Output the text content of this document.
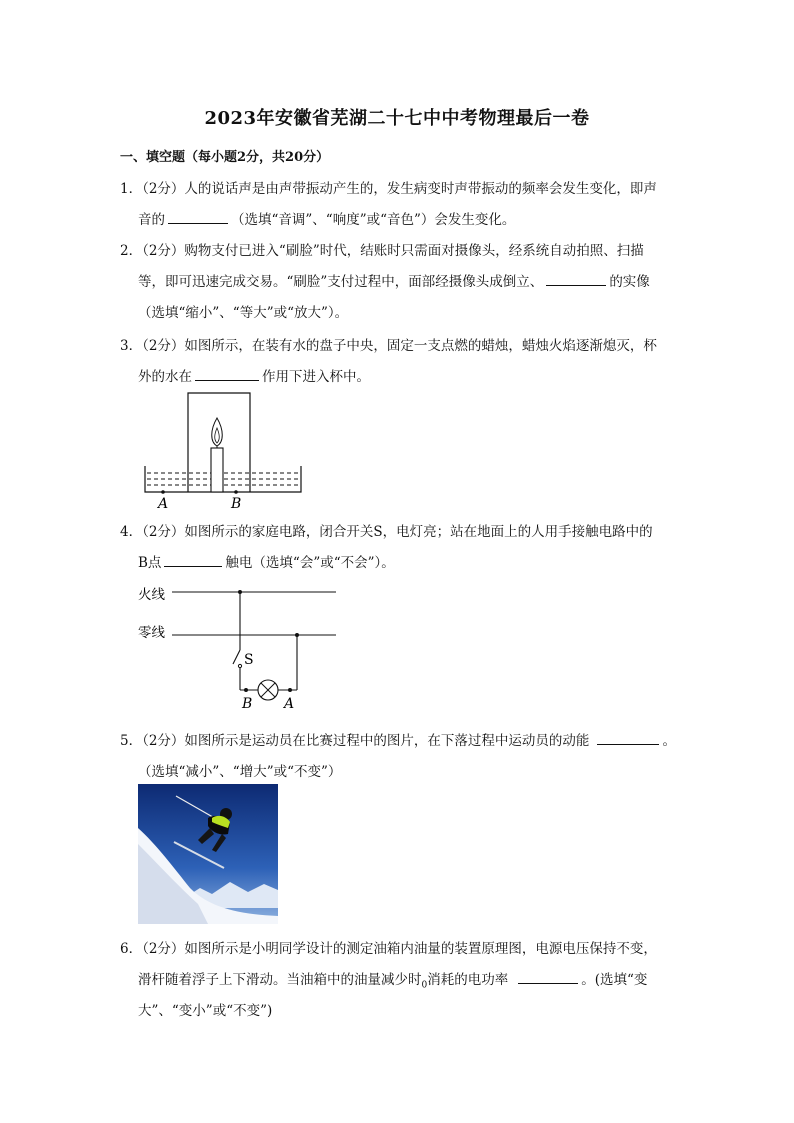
2023年安徽省芜湖二十七中中考物理最后一卷
一、填空题（每小题2分，共20分）
1．（2分）人的说话声是由声带振动产生的，发生病变时声带振动的频率会发生变化，即声
音的	（选填“音调”、“响度”或“音色”）会发生变化。
2．（2分）购物支付已进入“刷脸”时代，结账时只需面对摄像头，经系统自动拍照、扫描
等，即可迅速完成交易。“刷脸”支付过程中，面部经摄像头成倒立、	的实像
（选填“缩小”、“等大”或“放大”）。
3．（2分）如图所示，在装有水的盘子中央，固定一支点燃的蜡烛，蜡烛火焰逐渐熄灭，杯
外的水在	作用下进入杯中。
A	B
4．（2分）如图所示的家庭电路，闭合开关S，电灯亮；站在地面上的人用手接触电路中的
B点	触电（选填“会”或“不会”）。
火线
零线
S
B A
5．（2分）如图所示是运动员在比赛过程中的图片，在下落过程中运动员的动能	。
（选填“减小”、“增大”或“不变”）
6．（2分）如图所示是小明同学设计的测定油箱内油量的装置原理图，电源电压保持不变，
滑杆随着浮子上下滑动。当油箱中的油量减少时$_0$消耗的电功率	。(选填“变
大”、“变小”或“不变”)
